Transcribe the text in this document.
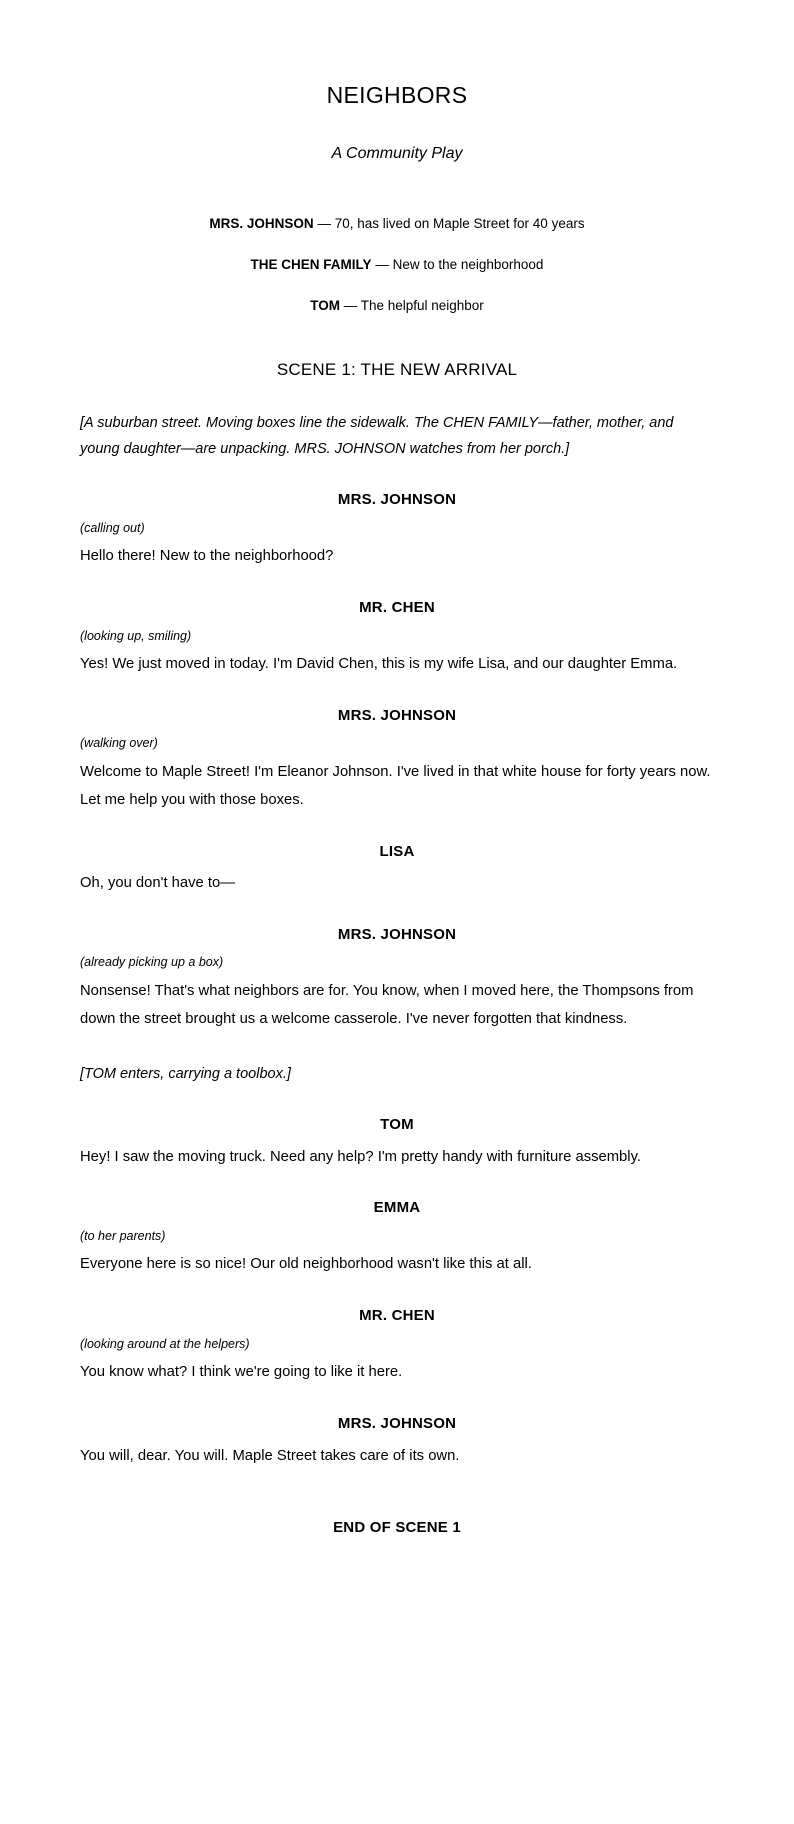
NEIGHBORS
A Community Play
MRS. JOHNSON — 70, has lived on Maple Street for 40 years
THE CHEN FAMILY — New to the neighborhood
TOM — The helpful neighbor
SCENE 1: THE NEW ARRIVAL

[A suburban street. Moving boxes line the sidewalk. The CHEN FAMILY—father, mother, and young daughter—are unpacking. MRS. JOHNSON watches from her porch.]

MRS. JOHNSON
(calling out)

Hello there! New to the neighborhood?

MR. CHEN
(looking up, smiling)

Yes! We just moved in today. I'm David Chen, this is my wife Lisa, and our daughter Emma.

MRS. JOHNSON
(walking over)

Welcome to Maple Street! I'm Eleanor Johnson. I've lived in that white house for forty years now. Let me help you with those boxes.

LISA

Oh, you don't have to—

MRS. JOHNSON
(already picking up a box)

Nonsense! That's what neighbors are for. You know, when I moved here, the Thompsons from down the street brought us a welcome casserole. I've never forgotten that kindness.

[TOM enters, carrying a toolbox.]

TOM

Hey! I saw the moving truck. Need any help? I'm pretty handy with furniture assembly.

EMMA
(to her parents)

Everyone here is so nice! Our old neighborhood wasn't like this at all.

MR. CHEN
(looking around at the helpers)

You know what? I think we're going to like it here.

MRS. JOHNSON

You will, dear. You will. Maple Street takes care of its own.

END OF SCENE 1
